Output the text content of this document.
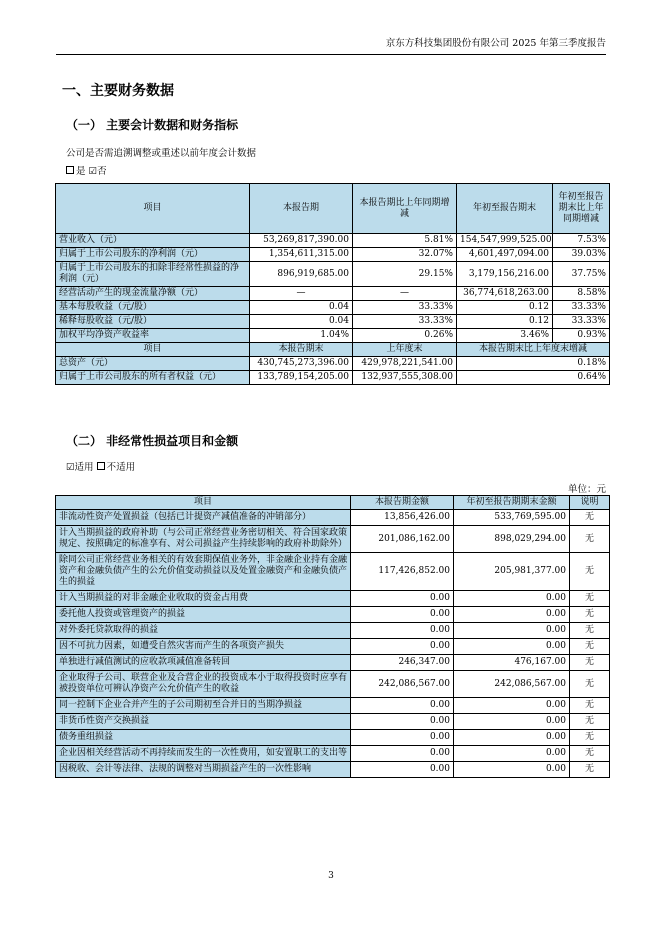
京东方科技集团股份有限公司 2025 年第三季度报告
一、主要财务数据
（一） 主要会计数据和财务指标
公司是否需追溯调整或重述以前年度会计数据
是 ☑否
项目	本报告期	本报告期比上年同期增减	年初至报告期末	年初至报告期末比上年同期增减
营业收入（元）	53,269,817,390.00	5.81%	154,547,999,525.00	7.53%
归属于上市公司股东的净利润（元）	1,354,611,315.00	32.07%	4,601,497,094.00	39.03%
归属于上市公司股东的扣除非经常性损益的净利润（元）	896,919,685.00	29.15%	3,179,156,216.00	37.75%
经营活动产生的现金流量净额（元）	—	—	36,774,618,263.00	8.58%
基本每股收益（元/股）	0.04	33.33%	0.12	33.33%
稀释每股收益（元/股）	0.04	33.33%	0.12	33.33%
加权平均净资产收益率	1.04%	0.26%	3.46%	0.93%
项目	本报告期末	上年度末	本报告期末比上年度末增减	
总资产（元）	430,745,273,396.00	429,978,221,541.00	0.18%	
归属于上市公司股东的所有者权益（元）	133,789,154,205.00	132,937,555,308.00	0.64%	
（二） 非经常性损益项目和金额
☑适用 不适用
单位：元
项目	本报告期金额	年初至报告期期末金额	说明
非流动性资产处置损益（包括已计提资产减值准备的冲销部分）	13,856,426.00	533,769,595.00	无
计入当期损益的政府补助（与公司正常经营业务密切相关、符合国家政策规定、按照确定的标准享有、对公司损益产生持续影响的政府补助除外）	201,086,162.00	898,029,294.00	无
除同公司正常经营业务相关的有效套期保值业务外，非金融企业持有金融资产和金融负债产生的公允价值变动损益以及处置金融资产和金融负债产生的损益	117,426,852.00	205,981,377.00	无
计入当期损益的对非金融企业收取的资金占用费	0.00	0.00	无
委托他人投资或管理资产的损益	0.00	0.00	无
对外委托贷款取得的损益	0.00	0.00	无
因不可抗力因素，如遭受自然灾害而产生的各项资产损失	0.00	0.00	无
单独进行减值测试的应收款项减值准备转回	246,347.00	476,167.00	无
企业取得子公司、联营企业及合营企业的投资成本小于取得投资时应享有被投资单位可辨认净资产公允价值产生的收益	242,086,567.00	242,086,567.00	无
同一控制下企业合并产生的子公司期初至合并日的当期净损益	0.00	0.00	无
非货币性资产交换损益	0.00	0.00	无
债务重组损益	0.00	0.00	无
企业因相关经营活动不再持续而发生的一次性费用，如安置职工的支出等	0.00	0.00	无
因税收、会计等法律、法规的调整对当期损益产生的一次性影响	0.00	0.00	无
3
